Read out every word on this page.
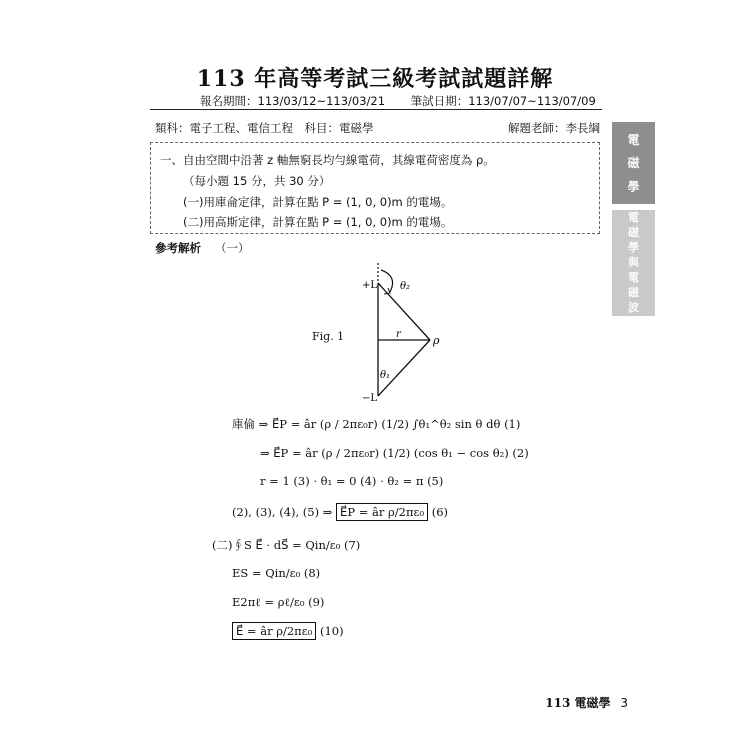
113 年高等考試三級考試試題詳解
報名期間：113/03/12~113/03/21 筆試日期：113/07/07~113/07/09
類科：電子工程、電信工程　科目：電磁學	解題老師：李長綱
一、自由空間中沿著 z 軸無窮長均勻線電荷，其線電荷密度為 ρ。
（每小題 15 分，共 30 分）
(一)用庫侖定律，計算在點 P = (1, 0, 0)m 的電場。
(二)用高斯定律，計算在點 P = (1, 0, 0)m 的電場。
參考解析 （一）
Fig. 1
+L
−L
θ₂
θ₁
r	ρ
庫倫 ⇒ E⃗P = âr (ρ / 2πε₀r) (1/2) ∫θ₁^θ₂ sin θ dθ (1)
⇒ E⃗P = âr (ρ / 2πε₀r) (1/2) (cos θ₁ − cos θ₂) (2)
r = 1 (3) · θ₁ = 0 (4) · θ₂ = π (5)
(2), (3), (4), (5) ⇒ E⃗P = âr ρ/2πε₀ (6)
(二)∮S E⃗ · dS⃗ = Qin/ε₀ (7)
ES = Qin/ε₀ (8)
E2πℓ = ρℓ/ε₀ (9)
E⃗ = âr ρ/2πε₀ (10)
電
磁
學
電
磁
學
與
電
磁
波
113 電磁學 3
